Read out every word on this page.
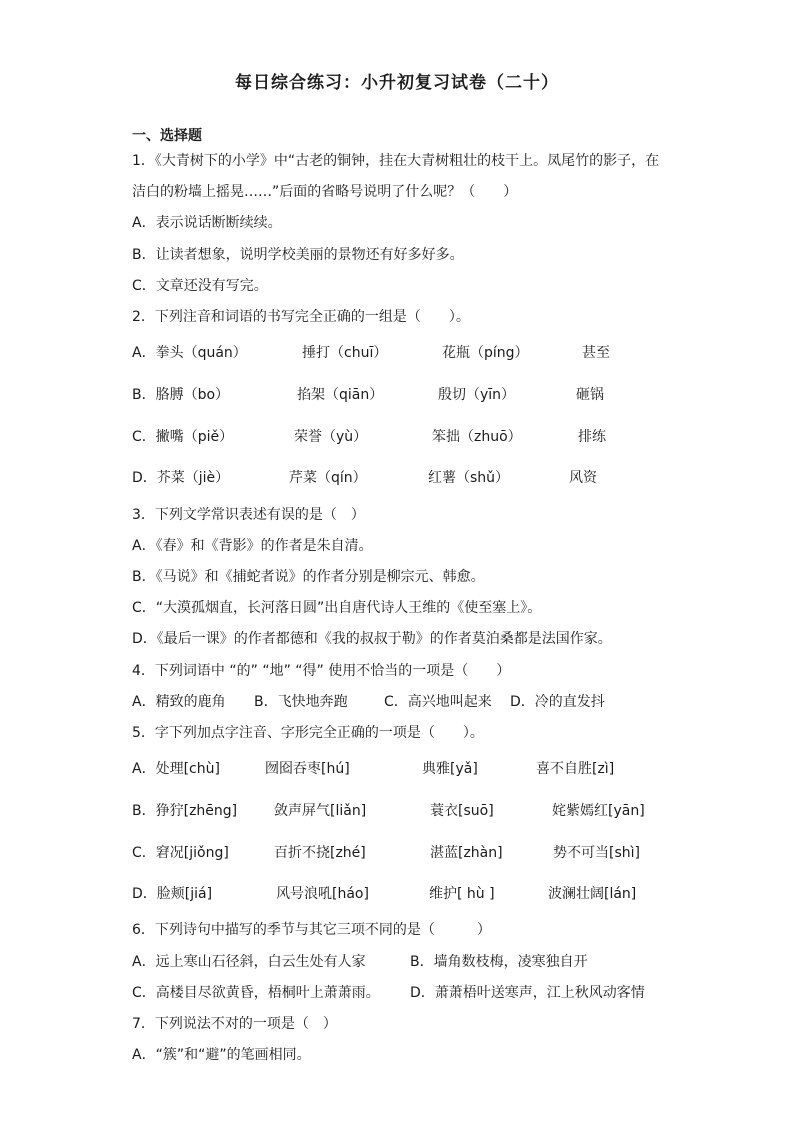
每日综合练习：小升初复习试卷（二十）
一、选择题
1．《大青树下的小学》中“古老的铜钟，挂在大青树粗壮的枝干上。凤尾竹的影子，在
洁白的粉墙上摇晃……”后面的省略号说明了什么呢？（　　）
A．表示说话断断续续。
B．让读者想象，说明学校美丽的景物还有好多好多。
C．文章还没有写完。
2．下列注音和词语的书写完全正确的一组是（　　）。
A．拳头（quán）	捶打（chuī）	花瓶（píng）	甚至
B．胳膊（bo）	掐架（qiān）	殷切（yīn）	砸锅
C．撇嘴（piě）	荣誉（yù）	笨拙（zhuō）	排练
D．芥菜（jiè）	芹菜（qín）	红薯（shǔ）	风资
3．下列文学常识表述有误的是（　）
A．《春》和《背影》的作者是朱自清。
B．《马说》和《捕蛇者说》的作者分别是柳宗元、韩愈。
C．“大漠孤烟直，长河落日圆”出自唐代诗人王维的《使至塞上》。
D．《最后一课》的作者都德和《我的叔叔于勒》的作者莫泊桑都是法国作家。
4．下列词语中 “的” “地” “得” 使用不恰当的一项是（　　）
A．精致的鹿角 B．飞快地奔跑	C．高兴地叫起来 D．冷的直发抖
5．字下列加点字注音、字形完全正确的一项是（　　）。
A．处理[chù]	囫囵吞枣[hú]	典雅[yǎ]	喜不自胜[zì]
B．狰狞[zhēng]	敛声屏气[liǎn]	蓑衣[suō]	姹紫嫣红[yān]
C．窘况[jiǒng]	百折不挠[zhé]	湛蓝[zhàn]	势不可当[shì]
D．脸颊[jiá]	风号浪吼[háo]	维护[ hù ]	波澜壮阔[lán]
6．下列诗句中描写的季节与其它三项不同的是（　　　）
A．远上寒山石径斜，白云生处有人家	B．墙角数枝梅，凌寒独自开
C．高楼目尽欲黄昏，梧桐叶上萧萧雨。 D．萧萧梧叶送寒声，江上秋风动客情
7．下列说法不对的一项是（　）
A．“簇”和“避”的笔画相同。
